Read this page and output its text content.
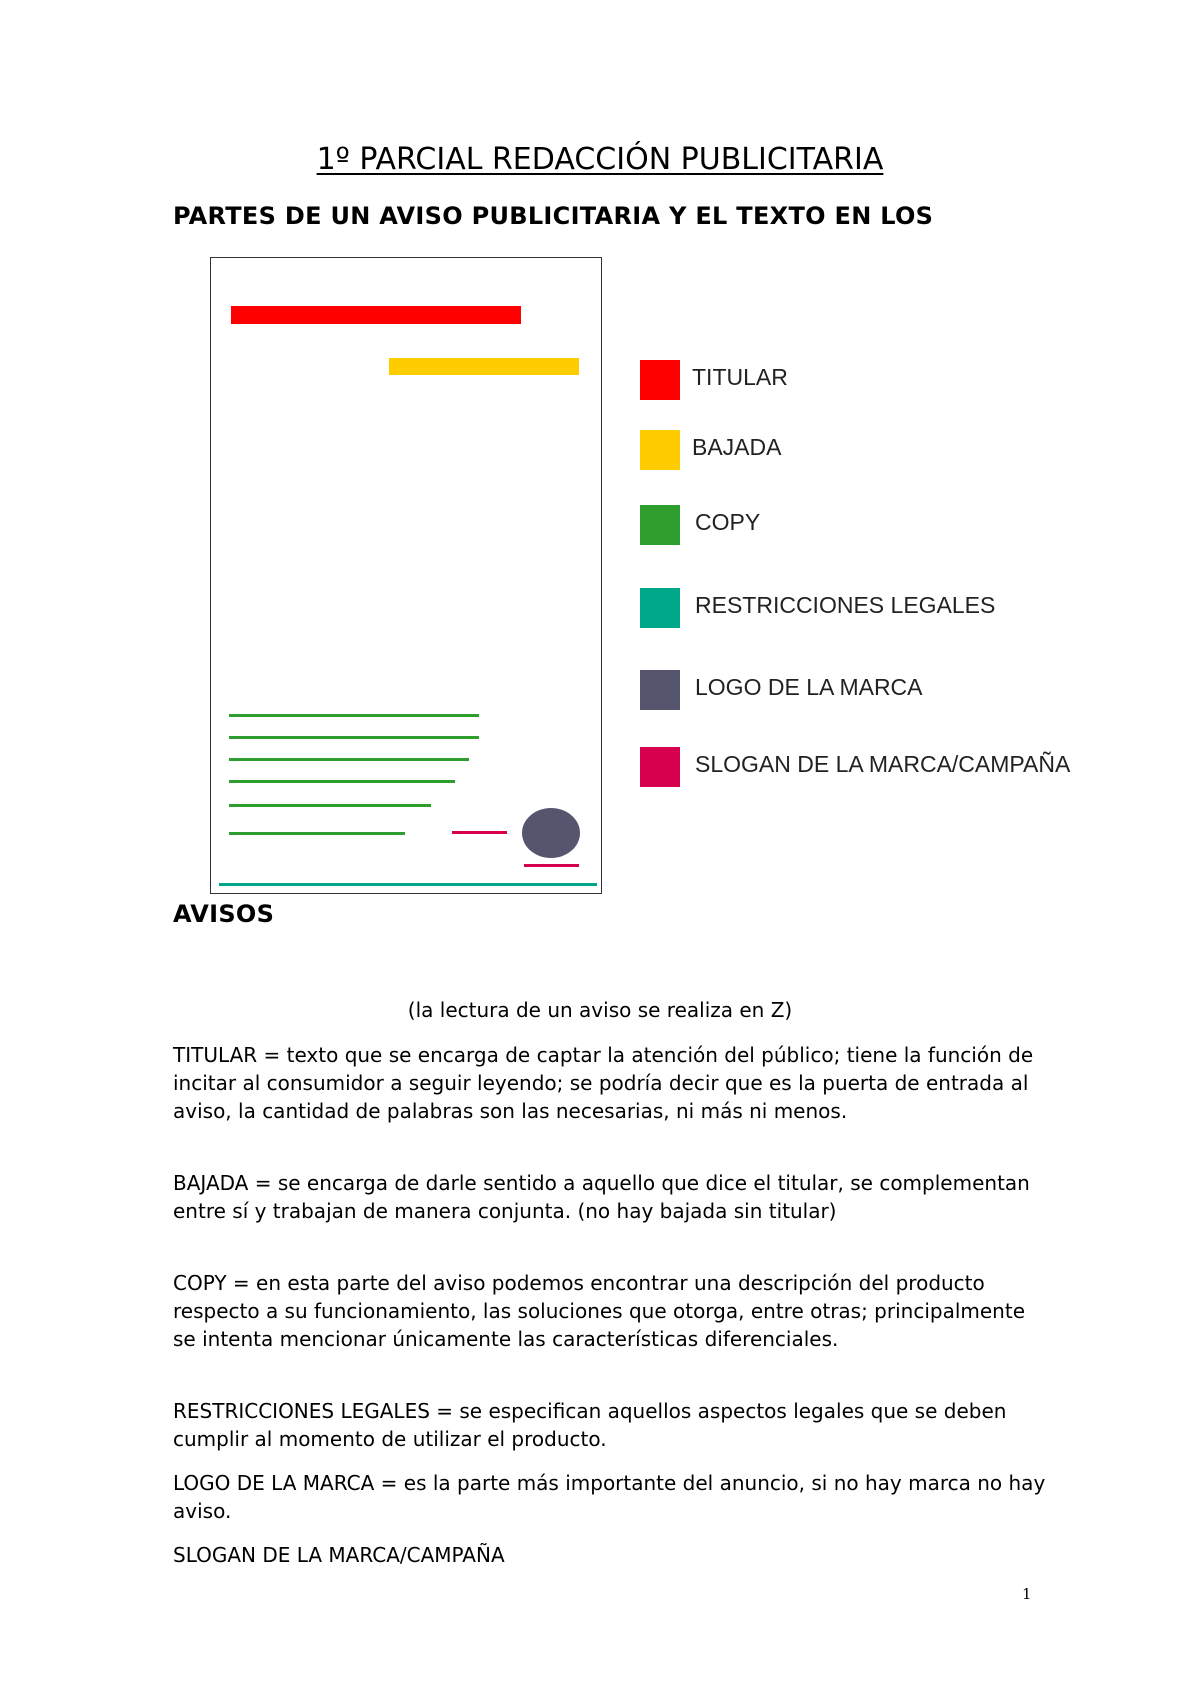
1º PARCIAL REDACCIÓN PUBLICITARIA
PARTES DE UN AVISO PUBLICITARIA Y EL TEXTO EN LOS
TITULAR
BAJADA
COPY
RESTRICCIONES LEGALES
LOGO DE LA MARCA
SLOGAN DE LA MARCA/CAMPAÑA
AVISOS

(la lectura de un aviso se realiza en Z)

TITULAR = texto que se encarga de captar la atención del público; tiene la función de incitar al consumidor a seguir leyendo; se podría decir que es la puerta de entrada al aviso, la cantidad de palabras son las necesarias, ni más ni menos.

BAJADA = se encarga de darle sentido a aquello que dice el titular, se complementan entre sí y trabajan de manera conjunta. (no hay bajada sin titular)

COPY = en esta parte del aviso podemos encontrar una descripción del producto respecto a su funcionamiento, las soluciones que otorga, entre otras; principalmente se intenta mencionar únicamente las características diferenciales.

RESTRICCIONES LEGALES = se especifican aquellos aspectos legales que se deben cumplir al momento de utilizar el producto.

LOGO DE LA MARCA = es la parte más importante del anuncio, si no hay marca no hay aviso.

SLOGAN DE LA MARCA/CAMPAÑA

1
